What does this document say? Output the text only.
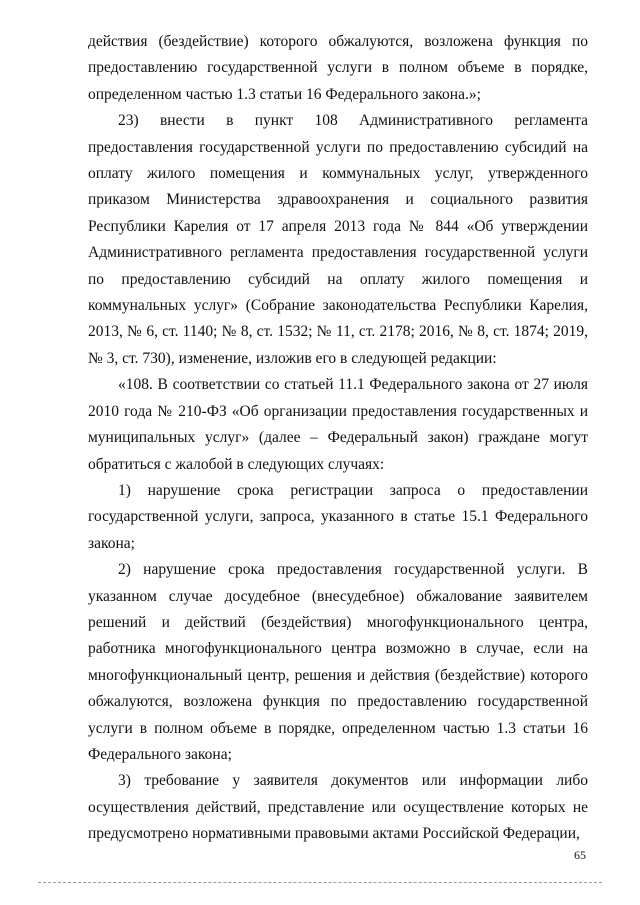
действия (бездействие) которого обжалуются, возложена функция по предоставлению государственной услуги в полном объеме в порядке, определенном частью 1.3 статьи 16 Федерального закона.»;

23) внести в пункт 108 Административного регламента предоставления государственной услуги по предоставлению субсидий на оплату жилого помещения и коммунальных услуг, утвержденного приказом Министерства здравоохранения и социального развития Республики Карелия от 17 апреля 2013 года № 844 «Об утверждении Административного регламента предоставления государственной услуги по предоставлению субсидий на оплату жилого помещения и коммунальных услуг» (Собрание законодательства Республики Карелия, 2013, № 6, ст. 1140; № 8, ст. 1532; № 11, ст. 2178; 2016, № 8, ст. 1874; 2019, № 3, ст. 730), изменение, изложив его в следующей редакции:

«108. В соответствии со статьей 11.1 Федерального закона от 27 июля 2010 года № 210-ФЗ «Об организации предоставления государственных и муниципальных услуг» (далее – Федеральный закон) граждане могут обратиться с жалобой в следующих случаях:

1) нарушение срока регистрации запроса о предоставлении государственной услуги, запроса, указанного в статье 15.1 Федерального закона;

2) нарушение срока предоставления государственной услуги. В указанном случае досудебное (внесудебное) обжалование заявителем решений и действий (бездействия) многофункционального центра, работника многофункционального центра возможно в случае, если на многофункциональный центр, решения и действия (бездействие) которого обжалуются, возложена функция по предоставлению государственной услуги в полном объеме в порядке, определенном частью 1.3 статьи 16 Федерального закона;

3) требование у заявителя документов или информации либо осуществления действий, представление или осуществление которых не предусмотрено нормативными правовыми актами Российской Федерации,

65
